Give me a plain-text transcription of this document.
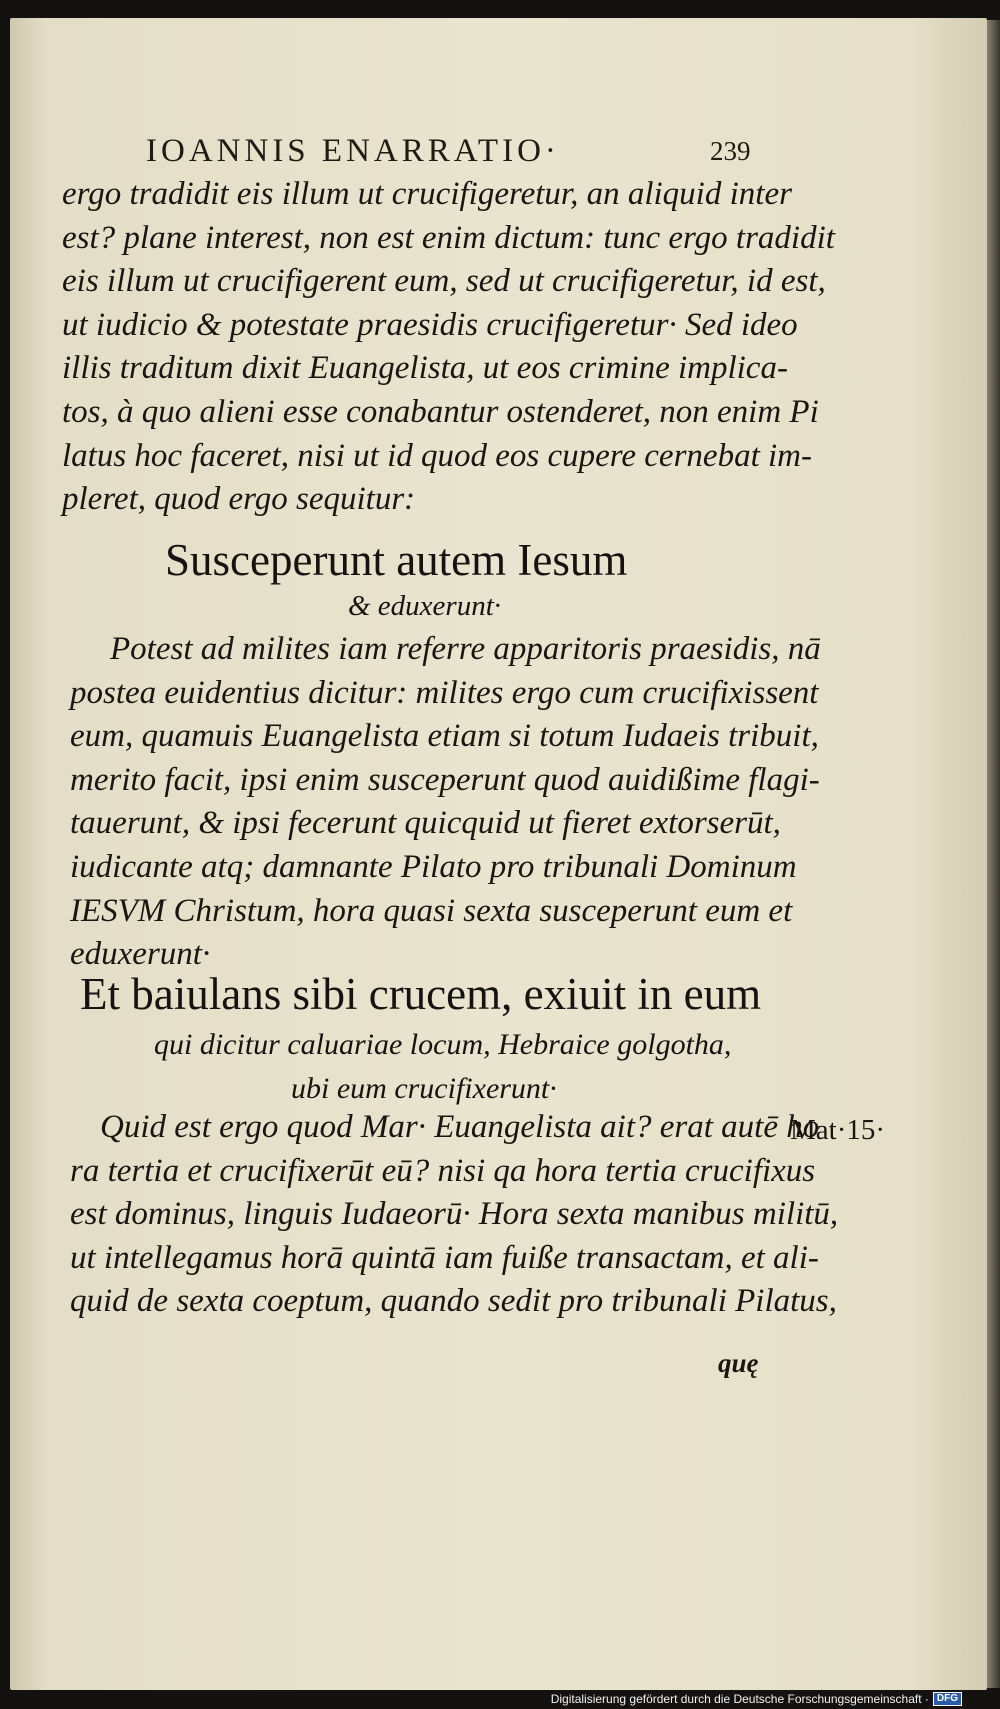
IOANNIS ENARRATIO·	239
ergo tradidit eis illum ut crucifigeretur, an aliquid inter
est? plane interest, non est enim dictum: tunc ergo tradidit
eis illum ut crucifigerent eum, sed ut crucifigeretur, id est,
ut iudicio & potestate praesidis crucifigeretur· Sed ideo
illis traditum dixit Euangelista, ut eos crimine implica-
tos, à quo alieni esse conabantur ostenderet, non enim Pi
latus hoc faceret, nisi ut id quod eos cupere cernebat im-
pleret, quod ergo sequitur:
Susceperunt autem Iesum
& eduxerunt·
Potest ad milites iam referre apparitoris praesidis, nā
postea euidentius dicitur: milites ergo cum crucifixissent
eum, quamuis Euangelista etiam si totum Iudaeis tribuit,
merito facit, ipsi enim susceperunt quod auidißime flagi-
tauerunt, & ipsi fecerunt quicquid ut fieret extorserūt,
iudicante atq; damnante Pilato pro tribunali Dominum
IESVM Christum, hora quasi sexta susceperunt eum et
eduxerunt·
Et baiulans sibi crucem, exiuit in eum
qui dicitur caluariae locum, Hebraice golgotha,
ubi eum crucifixerunt·
Quid est ergo quod Mar· Euangelista ait? erat autē ho
ra tertia et crucifixerūt eū? nisi qa hora tertia crucifixus
est dominus, linguis Iudaeorū· Hora sexta manibus militū,
ut intellegamus horā quintā iam fuiße transactam, et ali-
quid de sexta coeptum, quando sedit pro tribunali Pilatus,
Mat·15·
quę
Digitalisierung gefördert durch die Deutsche Forschungsgemeinschaft · DFG
